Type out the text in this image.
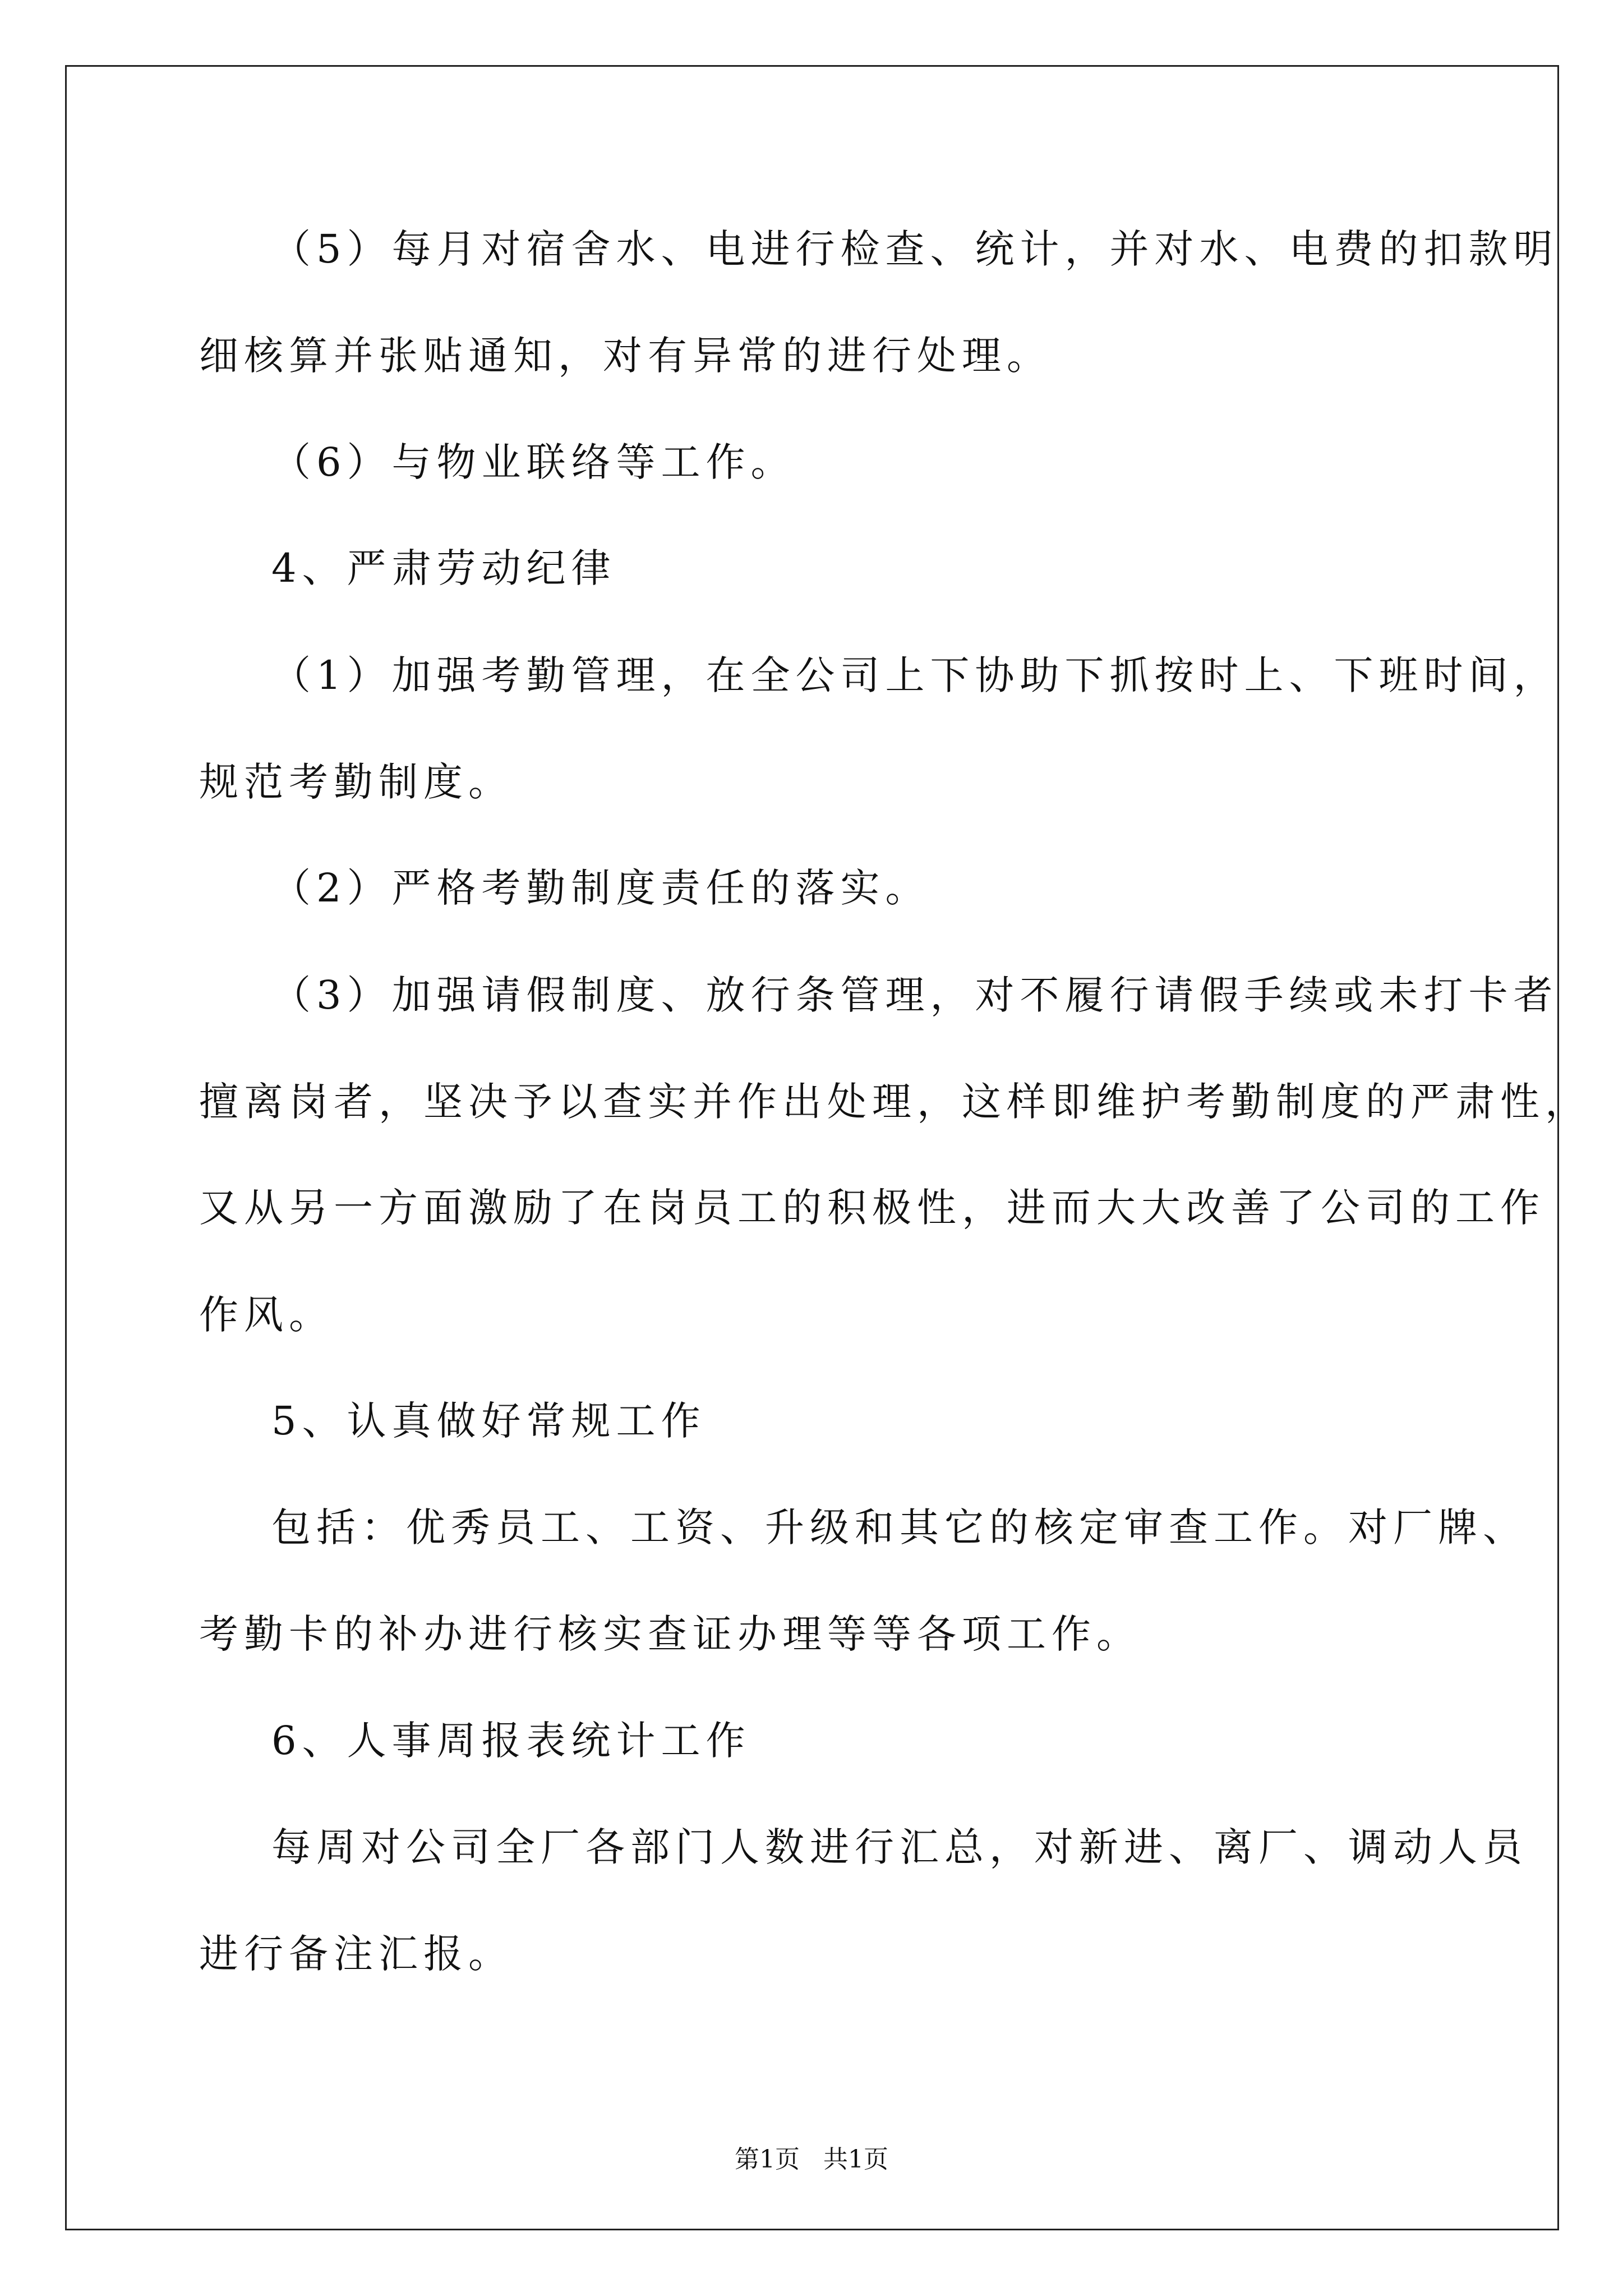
（5）每月对宿舍水、电进行检查、统计，并对水、电费的扣款明

细核算并张贴通知，对有异常的进行处理。

（6）与物业联络等工作。

4、严肃劳动纪律

（1）加强考勤管理，在全公司上下协助下抓按时上、下班时间，

规范考勤制度。

（2）严格考勤制度责任的落实。

（3）加强请假制度、放行条管理，对不履行请假手续或未打卡者

擅离岗者，坚决予以查实并作出处理，这样即维护考勤制度的严肃性，

又从另一方面激励了在岗员工的积极性，进而大大改善了公司的工作

作风。

5、认真做好常规工作

包括：优秀员工、工资、升级和其它的核定审查工作。对厂牌、

考勤卡的补办进行核实查证办理等等各项工作。

6、人事周报表统计工作

每周对公司全厂各部门人数进行汇总，对新进、离厂、调动人员

进行备注汇报。

第1页 共1页
